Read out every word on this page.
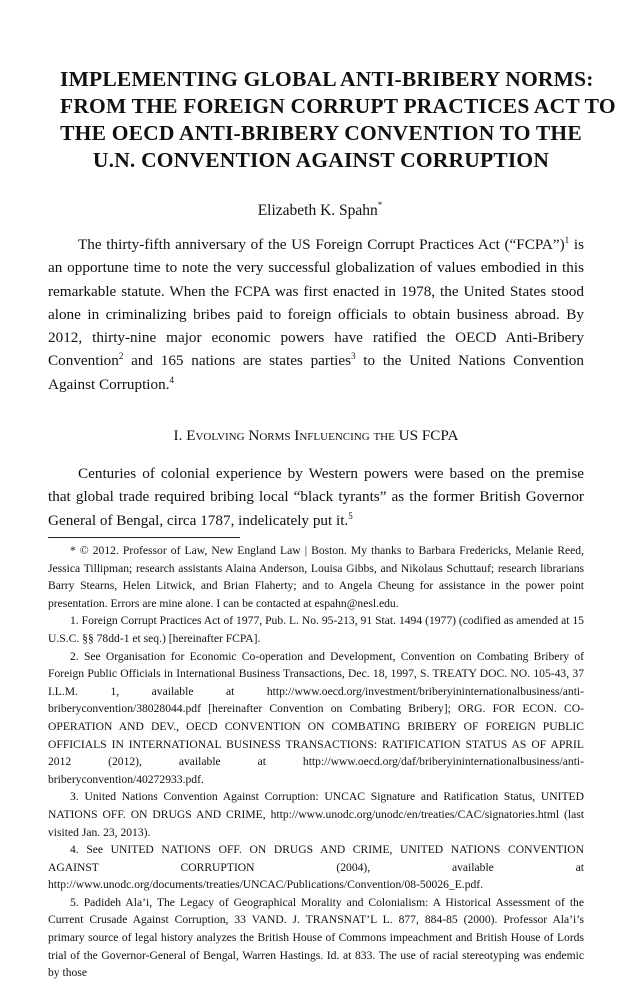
IMPLEMENTING GLOBAL ANTI-BRIBERY NORMS:
FROM THE FOREIGN CORRUPT PRACTICES ACT TO
THE OECD ANTI-BRIBERY CONVENTION TO THE
U.N. CONVENTION AGAINST CORRUPTION
Elizabeth K. Spahn*

The thirty-fifth anniversary of the US Foreign Corrupt Practices Act (“FCPA”)$^1$ is an opportune time to note the very successful globalization of values embodied in this remarkable statute. When the FCPA was first enacted in 1978, the United States stood alone in criminalizing bribes paid to foreign officials to obtain business abroad. By 2012, thirty-nine major economic powers have ratified the OECD Anti-Bribery Convention$^2$ and 165 nations are states parties$^3$ to the United Nations Convention Against Corruption.$^4$

I. Evolving Norms Influencing the US FCPA

Centuries of colonial experience by Western powers were based on the premise that global trade required bribing local “black tyrants” as the former British Governor General of Bengal, circa 1787, indelicately put it.$^5$

* © 2012. Professor of Law, New England Law | Boston. My thanks to Barbara Fredericks, Melanie Reed, Jessica Tillipman; research assistants Alaina Anderson, Louisa Gibbs, and Nikolaus Schuttauf; research librarians Barry Stearns, Helen Litwick, and Brian Flaherty; and to Angela Cheung for assistance in the power point presentation. Errors are mine alone. I can be contacted at espahn@nesl.edu.

1. Foreign Corrupt Practices Act of 1977, Pub. L. No. 95-213, 91 Stat. 1494 (1977) (codified as amended at 15 U.S.C. §§ 78dd-1 et seq.) [hereinafter FCPA].

2. See Organisation for Economic Co-operation and Development, Convention on Combating Bribery of Foreign Public Officials in International Business Transactions, Dec. 18, 1997, S. TREATY DOC. NO. 105-43, 37 I.L.M. 1, available at http://www.oecd.org/investment/briberyininternationalbusiness/anti-briberyconvention/38028044.pdf [hereinafter Convention on Combating Bribery]; ORG. FOR ECON. CO-OPERATION AND DEV., OECD CONVENTION ON COMBATING BRIBERY OF FOREIGN PUBLIC OFFICIALS IN INTERNATIONAL BUSINESS TRANSACTIONS: RATIFICATION STATUS AS OF APRIL 2012 (2012), available at http://www.oecd.org/daf/briberyininternationalbusiness/anti-briberyconvention/40272933.pdf.

3. United Nations Convention Against Corruption: UNCAC Signature and Ratification Status, UNITED NATIONS OFF. ON DRUGS AND CRIME, http://www.unodc.org/unodc/en/treaties/CAC/signatories.html (last visited Jan. 23, 2013).

4. See UNITED NATIONS OFF. ON DRUGS AND CRIME, UNITED NATIONS CONVENTION AGAINST CORRUPTION (2004), available at http://www.unodc.org/documents/treaties/UNCAC/Publications/Convention/08-50026_E.pdf.

5. Padideh Ala’i, The Legacy of Geographical Morality and Colonialism: A Historical Assessment of the Current Crusade Against Corruption, 33 VAND. J. TRANSNAT’L L. 877, 884-85 (2000). Professor Ala’i’s primary source of legal history analyzes the British House of Commons impeachment and British House of Lords trial of the Governor-General of Bengal, Warren Hastings. Id. at 833. The use of racial stereotyping was endemic by those
